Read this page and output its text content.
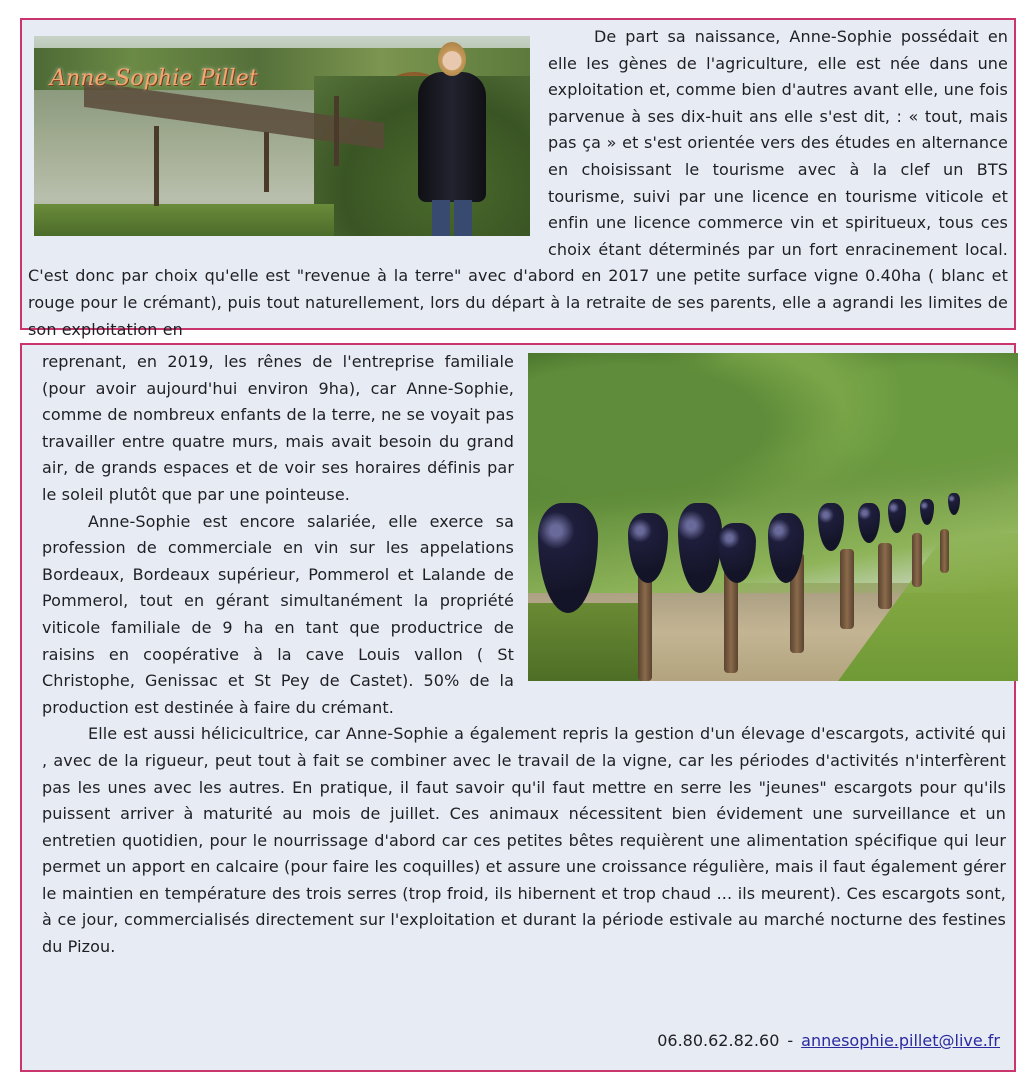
Anne-Sophie Pillet

De part sa naissance, Anne-Sophie possédait en elle les gènes de l'agriculture, elle est née dans une exploitation et, comme bien d'autres avant elle, une fois parvenue à ses dix-huit ans elle s'est dit, : « tout, mais pas ça » et s'est orientée vers des études en alternance en choisissant le tourisme avec à la clef un BTS tourisme, suivi par une licence en tourisme viticole et enfin une licence commerce vin et spiritueux, tous ces choix étant déterminés par un fort enracinement local. C'est donc par choix qu'elle est "revenue à la terre" avec d'abord en 2017 une petite surface vigne 0.40ha ( blanc et rouge pour le crémant), puis tout naturellement, lors du départ à la retraite de ses parents, elle a agrandi les limites de son exploitation en

reprenant, en 2019, les rênes de l'entreprise familiale (pour avoir aujourd'hui environ 9ha), car Anne-Sophie, comme de nombreux enfants de la terre, ne se voyait pas travailler entre quatre murs, mais avait besoin du grand air, de grands espaces et de voir ses horaires définis par le soleil plutôt que par une pointeuse.

Anne-Sophie est encore salariée, elle exerce sa profession de commerciale en vin sur les appelations Bordeaux, Bordeaux supérieur, Pommerol et Lalande de Pommerol, tout en gérant simultanément la propriété viticole familiale de 9 ha en tant que productrice de raisins en coopérative à la cave Louis vallon ( St Christophe, Genissac et St Pey de Castet). 50% de la production est destinée à faire du crémant.

Elle est aussi hélicicultrice, car Anne-Sophie a également repris la gestion d'un élevage d'escargots, activité qui , avec de la rigueur, peut tout à fait se combiner avec le travail de la vigne, car les périodes d'activités n'interfèrent pas les unes avec les autres. En pratique, il faut savoir qu'il faut mettre en serre les "jeunes" escargots pour qu'ils puissent arriver à maturité au mois de juillet. Ces animaux nécessitent bien évidement une surveillance et un entretien quotidien, pour le nourrissage d'abord car ces petites bêtes requièrent une alimentation spécifique qui leur permet un apport en calcaire (pour faire les coquilles) et assure une croissance régulière, mais il faut également gérer le maintien en température des trois serres (trop froid, ils hibernent et trop chaud ... ils meurent). Ces escargots sont, à ce jour, commercialisés directement sur l'exploitation et durant la période estivale au marché nocturne des festines du Pizou.

06.80.62.82.60 - annesophie.pillet@live.fr
